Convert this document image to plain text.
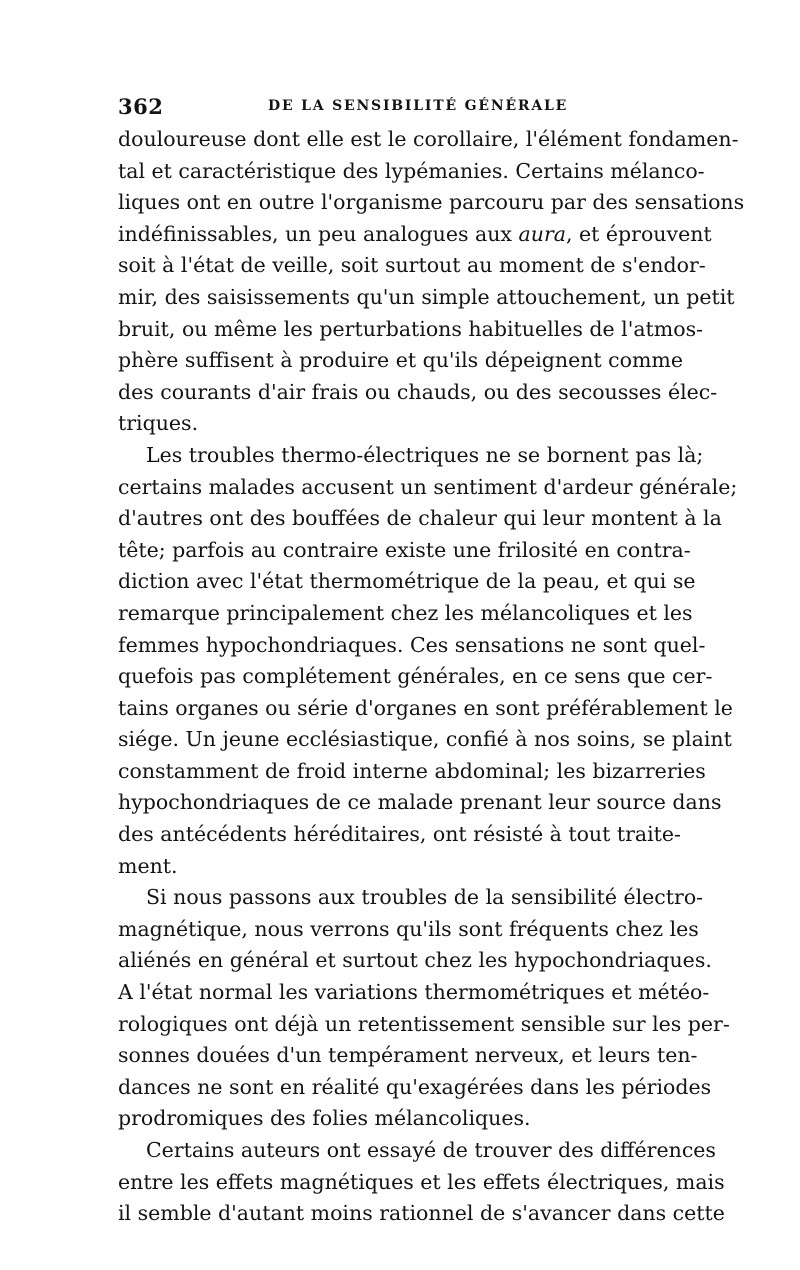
362	DE LA SENSIBILITÉ GÉNÉRALE
douloureuse dont elle est le corollaire, l'élément fondamen-
tal et caractéristique des lypémanies. Certains mélanco-
liques ont en outre l'organisme parcouru par des sensations
indéfinissables, un peu analogues aux aura, et éprouvent
soit à l'état de veille, soit surtout au moment de s'endor-
mir, des saisissements qu'un simple attouchement, un petit
bruit, ou même les perturbations habituelles de l'atmos-
phère suffisent à produire et qu'ils dépeignent comme
des courants d'air frais ou chauds, ou des secousses élec-
triques.
Les troubles thermo-électriques ne se bornent pas là;
certains malades accusent un sentiment d'ardeur générale;
d'autres ont des bouffées de chaleur qui leur montent à la
tête; parfois au contraire existe une frilosité en contra-
diction avec l'état thermométrique de la peau, et qui se
remarque principalement chez les mélancoliques et les
femmes hypochondriaques. Ces sensations ne sont quel-
quefois pas complétement générales, en ce sens que cer-
tains organes ou série d'organes en sont préférablement le
siége. Un jeune ecclésiastique, confié à nos soins, se plaint
constamment de froid interne abdominal; les bizarreries
hypochondriaques de ce malade prenant leur source dans
des antécédents héréditaires, ont résisté à tout traite-
ment.
Si nous passons aux troubles de la sensibilité électro-
magnétique, nous verrons qu'ils sont fréquents chez les
aliénés en général et surtout chez les hypochondriaques.
A l'état normal les variations thermométriques et météo-
rologiques ont déjà un retentissement sensible sur les per-
sonnes douées d'un tempérament nerveux, et leurs ten-
dances ne sont en réalité qu'exagérées dans les périodes
prodromiques des folies mélancoliques.
Certains auteurs ont essayé de trouver des différences
entre les effets magnétiques et les effets électriques, mais
il semble d'autant moins rationnel de s'avancer dans cette
